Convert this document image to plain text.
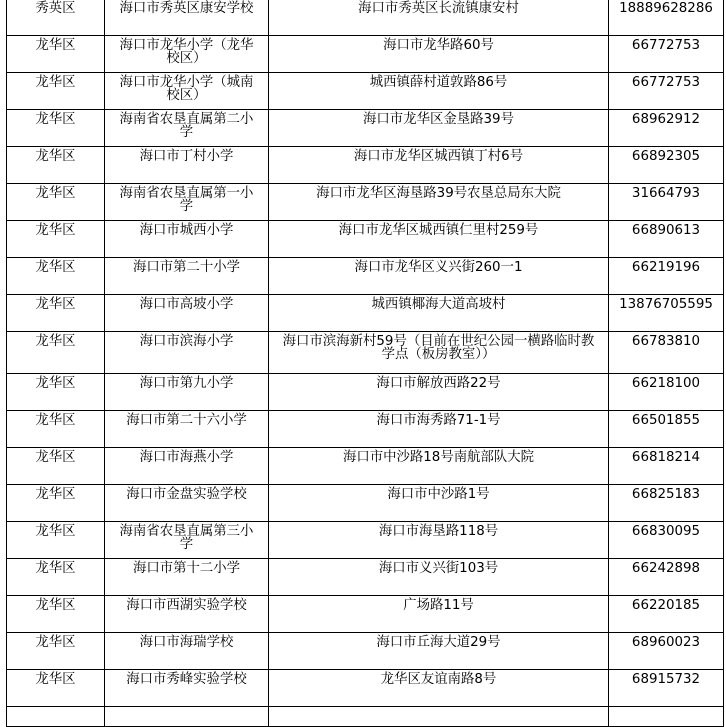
秀英区	海口市秀英区康安学校	海口市秀英区长流镇康安村	18889628286

龙华区	海口市龙华小学（龙华校区）	海口市龙华路60号	66772753

龙华区	海口市龙华小学（城南校区）	城西镇薛村道敦路86号	66772753

龙华区	海南省农垦直属第二小学	海口市龙华区金垦路39号	68962912

龙华区	海口市丁村小学	海口市龙华区城西镇丁村6号	66892305

龙华区	海南省农垦直属第一小学	海口市龙华区海垦路39号农垦总局东大院	31664793

龙华区	海口市城西小学	海口市龙华区城西镇仁里村259号	66890613

龙华区	海口市第二十小学	海口市龙华区义兴街260一1	66219196

龙华区	海口市高坡小学	城西镇椰海大道高坡村	13876705595

龙华区	海口市滨海小学	海口市滨海新村59号（目前在世纪公园一横路临时教学点（板房教室））	66783810

龙华区	海口市第九小学	海口市解放西路22号	66218100

龙华区	海口市第二十六小学	海口市海秀路71-1号	66501855

龙华区	海口市海燕小学	海口市中沙路18号南航部队大院	66818214

龙华区	海口市金盘实验学校	海口市中沙路1号	66825183

龙华区	海南省农垦直属第三小学	海口市海垦路118号	66830095

龙华区	海口市第十二小学	海口市义兴街103号	66242898

龙华区	海口市西湖实验学校	广场路11号	66220185

龙华区	海口市海瑞学校	海口市丘海大道29号	68960023

龙华区	海口市秀峰实验学校	龙华区友谊南路8号	68915732
